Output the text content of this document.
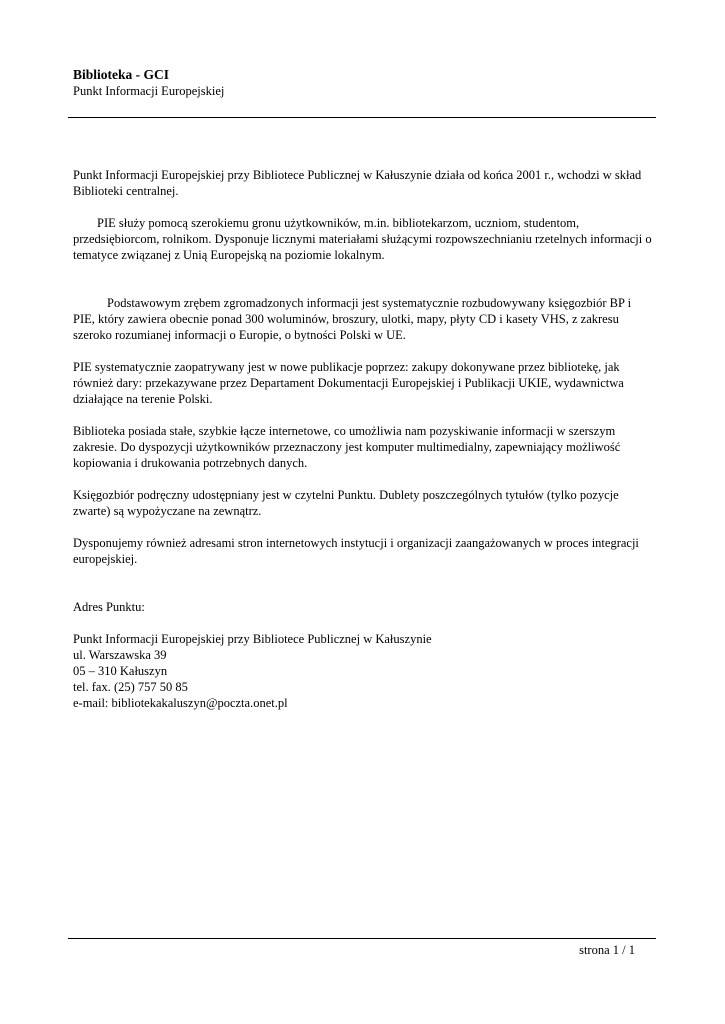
Biblioteka - GCI
Punkt Informacji Europejskiej

Punkt Informacji Europejskiej przy Bibliotece Publicznej w Kałuszynie działa od końca 2001 r., wchodzi w skład Biblioteki centralnej.

PIE służy pomocą szerokiemu gronu użytkowników, m.in. bibliotekarzom, uczniom, studentom, przedsiębiorcom, rolnikom. Dysponuje licznymi materiałami służącymi rozpowszechnianiu rzetelnych informacji o tematyce związanej z Unią Europejską na poziomie lokalnym.

Podstawowym zrębem zgromadzonych informacji jest systematycznie rozbudowywany księgozbiór BP i PIE, który zawiera obecnie ponad 300 woluminów, broszury, ulotki, mapy, płyty CD i kasety VHS, z zakresu szeroko rozumianej informacji o Europie, o bytności Polski w UE.

PIE systematycznie zaopatrywany jest w nowe publikacje poprzez: zakupy dokonywane przez bibliotekę, jak również dary: przekazywane przez Departament Dokumentacji Europejskiej i Publikacji UKIE, wydawnictwa działające na terenie Polski.

Biblioteka posiada stałe, szybkie łącze internetowe, co umożliwia nam pozyskiwanie informacji w szerszym zakresie. Do dyspozycji użytkowników przeznaczony jest komputer multimedialny, zapewniający możliwość kopiowania i drukowania potrzebnych danych.

Księgozbiór podręczny udostępniany jest w czytelni Punktu. Dublety poszczególnych tytułów (tylko pozycje zwarte) są wypożyczane na zewnątrz.

Dysponujemy również adresami stron internetowych instytucji i organizacji zaangażowanych w proces integracji europejskiej.

Adres Punktu:

Punkt Informacji Europejskiej przy Bibliotece Publicznej w Kałuszynie
ul. Warszawska 39
05 – 310 Kałuszyn
tel. fax. (25) 757 50 85
e-mail: bibliotekakaluszyn@poczta.onet.pl

strona 1 / 1
